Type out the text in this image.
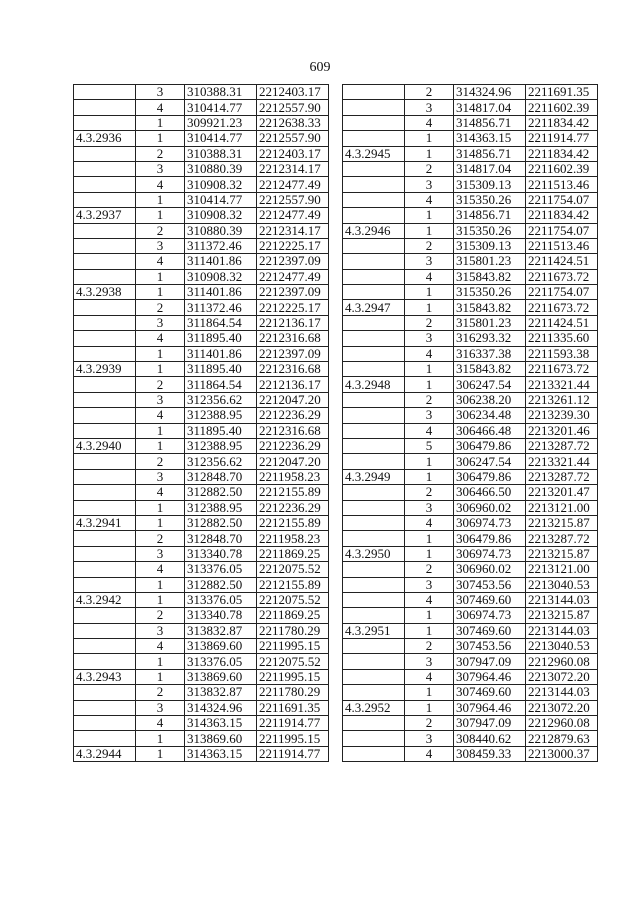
609
	3	310388.31	2212403.17
	4	310414.77	2212557.90
	1	309921.23	2212638.33
4.3.2936	1	310414.77	2212557.90
	2	310388.31	2212403.17
	3	310880.39	2212314.17
	4	310908.32	2212477.49
	1	310414.77	2212557.90
4.3.2937	1	310908.32	2212477.49
	2	310880.39	2212314.17
	3	311372.46	2212225.17
	4	311401.86	2212397.09
	1	310908.32	2212477.49
4.3.2938	1	311401.86	2212397.09
	2	311372.46	2212225.17
	3	311864.54	2212136.17
	4	311895.40	2212316.68
	1	311401.86	2212397.09
4.3.2939	1	311895.40	2212316.68
	2	311864.54	2212136.17
	3	312356.62	2212047.20
	4	312388.95	2212236.29
	1	311895.40	2212316.68
4.3.2940	1	312388.95	2212236.29
	2	312356.62	2212047.20
	3	312848.70	2211958.23
	4	312882.50	2212155.89
	1	312388.95	2212236.29
4.3.2941	1	312882.50	2212155.89
	2	312848.70	2211958.23
	3	313340.78	2211869.25
	4	313376.05	2212075.52
	1	312882.50	2212155.89
4.3.2942	1	313376.05	2212075.52
	2	313340.78	2211869.25
	3	313832.87	2211780.29
	4	313869.60	2211995.15
	1	313376.05	2212075.52
4.3.2943	1	313869.60	2211995.15
	2	313832.87	2211780.29
	3	314324.96	2211691.35
	4	314363.15	2211914.77
	1	313869.60	2211995.15
4.3.2944	1	314363.15	2211914.77
	2	314324.96	2211691.35
	3	314817.04	2211602.39
	4	314856.71	2211834.42
	1	314363.15	2211914.77
4.3.2945	1	314856.71	2211834.42
	2	314817.04	2211602.39
	3	315309.13	2211513.46
	4	315350.26	2211754.07
	1	314856.71	2211834.42
4.3.2946	1	315350.26	2211754.07
	2	315309.13	2211513.46
	3	315801.23	2211424.51
	4	315843.82	2211673.72
	1	315350.26	2211754.07
4.3.2947	1	315843.82	2211673.72
	2	315801.23	2211424.51
	3	316293.32	2211335.60
	4	316337.38	2211593.38
	1	315843.82	2211673.72
4.3.2948	1	306247.54	2213321.44
	2	306238.20	2213261.12
	3	306234.48	2213239.30
	4	306466.48	2213201.46
	5	306479.86	2213287.72
	1	306247.54	2213321.44
4.3.2949	1	306479.86	2213287.72
	2	306466.50	2213201.47
	3	306960.02	2213121.00
	4	306974.73	2213215.87
	1	306479.86	2213287.72
4.3.2950	1	306974.73	2213215.87
	2	306960.02	2213121.00
	3	307453.56	2213040.53
	4	307469.60	2213144.03
	1	306974.73	2213215.87
4.3.2951	1	307469.60	2213144.03
	2	307453.56	2213040.53
	3	307947.09	2212960.08
	4	307964.46	2213072.20
	1	307469.60	2213144.03
4.3.2952	1	307964.46	2213072.20
	2	307947.09	2212960.08
	3	308440.62	2212879.63
	4	308459.33	2213000.37
